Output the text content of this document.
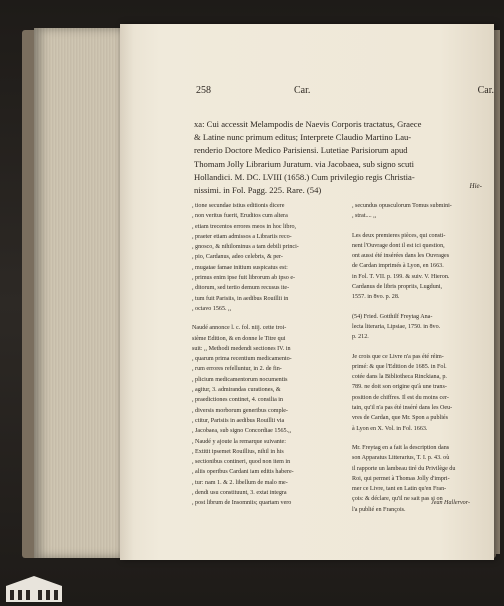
258	Car.	Car.
xa: Cui accessit Melampodis de Naevis Corporis tractatus, Graece
& Latine nunc primum editus; Interprete Claudio Martino Lau-
renderio Doctore Medico Parisiensi. Lutetiae Parisiorum apud
Thomam Jolly Librarium Juratum. via Jacobaea, sub signo scuti
Hollandici. M. DC. LVIII (1658.) Cum privilegio regis Christia-
nissimi. in Fol. Pagg. 225. Rare. (54)	Hie-

, tione secundae istius editionis dicere
, non veritus fuerit, Eruditos cum altera
, etiam trecentos errores meos in hoc libro,
, praeter etiam admissos a Librariis reco-
, gnosco, & nihilominus a tam debili princi-
, pio, Cardanus, adeo celebris, & per-
, mugatae famae initium suspicatus est:
, primus enim ipse fuit librorum ab ipso e-
, ditorum, sed tertio demum recusus ite-
, tum fuit Parisiis, in aedibus Rouillii in
, octavo 1565. ,,

Naudé annonce l. c. fol. niij. cette troi-
sième Edition, & en donne le Titre qui
suit: ,, Methodi medendi sectiones IV. in
, quarum prima recentium medicamento-
, rum errores refelluntur, in 2. de fin-
, plicium medicamentorum nocumentis
, agitur, 3. admirandas curationes, &
, praedictiones continet, 4. consilia in
, diversis morborum generibus comple-
, ctitur, Parisiis in aedibus Rouillii via
, Jacobaea, sub signo Concordiae 1565.,,
, Naudé y ajoute la remarque suivante:
, Extitit ipsemet Rouillius, nihil in his
, sectionibus contineri, quod non item in
, aliis operibus Cardani iam editis habere-
, tur: nam 1. & 2. libellum de malo me-
, dendi usu constituunt, 3. extat integra
, post librum de Insomniis; quartam vero

, secundus opusculorum Tomus submini-
, strat.... ,,

Les deux premieres pièces, qui consti-
nent l'Ouvrage dont il est ici question,
ont aussi été insérées dans les Ouvrages
de Cardan imprimés à Lyon, en 1663.
in Fol. T. VII. p. 199. & suiv. V. Hieron.
Cardanus de libris propriis, Lugduni,
1557. in 8vo. p. 28.

(54) Fried. Gotthilf Freytag Ana-
lecta literaria, Lipsiae, 1750. in 8vo.
p. 212.

Je crois que ce Livre n'a pas été réim-
primé: & que l'Edition de 1685. in Fol.
cotée dans la Bibliotheca Rinckiana, p.
789. ne doit son origine qu'à une trans-
position de chiffres. Il est du moins cer-
tain, qu'il n'a pas été inséré dans les Oeu-
vres de Cardan, que Mr. Spon a publiés
à Lyon en X. Vol. in Fol. 1663.

Mr. Freytag en a fait la description dans
son Apparatus Litterarius, T. I. p. 43. où
il rapporte un lambeau tiré du Privilège du
Roi, qui permet à Thomas Jolly d'impri-
mer ce Livre, tant en Latin qu'en Fran-
çois: & déclare, qu'il ne sait pas si on
l'a publié en François.

Jean Hallervor-
